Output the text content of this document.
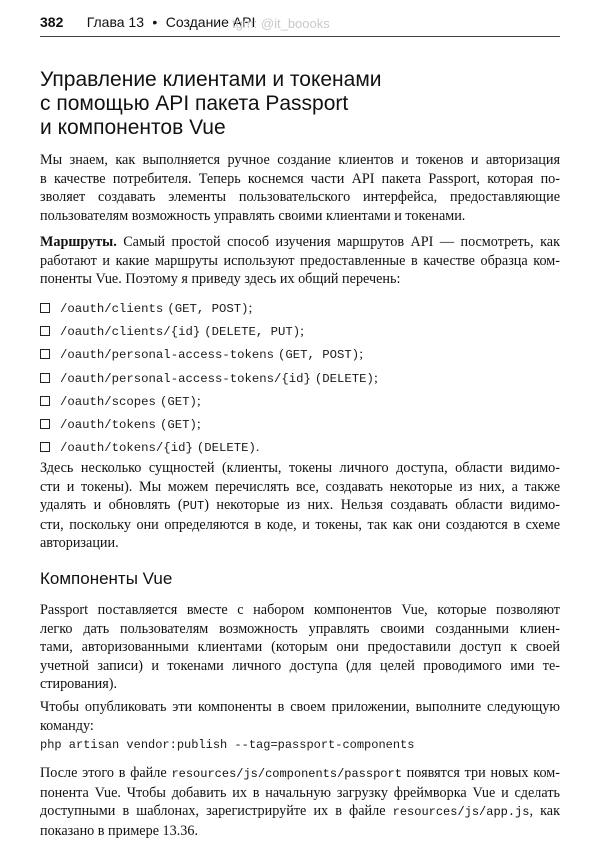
382 Глава 13 • Создание API
tgm: @it_boooks
Управление клиентами и токенами
с помощью API пакета Passport
и компонентов Vue
Мы знаем, как выполняется ручное создание клиентов и токенов и авторизация
в качестве потребителя. Теперь коснемся части API пакета Passport, которая по-
зволяет создавать элементы пользовательского интерфейса, предоставляющие
пользователям возможность управлять своими клиентами и токенами.
Маршруты. Самый простой способ изучения маршрутов API — посмотреть, как
работают и какие маршруты используют предоставленные в качестве образца ком-
поненты Vue. Поэтому я приведу здесь их общий перечень:
/oauth/clients (GET, POST);
/oauth/clients/{id} (DELETE, PUT);
/oauth/personal-access-tokens (GET, POST);
/oauth/personal-access-tokens/{id} (DELETE);
/oauth/scopes (GET);
/oauth/tokens (GET);
/oauth/tokens/{id} (DELETE).
Здесь несколько сущностей (клиенты, токены личного доступа, области видимо-
сти и токены). Мы можем перечислять все, создавать некоторые из них, а также
удалять и обновлять (PUT) некоторые из них. Нельзя создавать области видимо-
сти, поскольку они определяются в коде, и токены, так как они создаются в схеме
авторизации.
Компоненты Vue
Passport поставляется вместе с набором компонентов Vue, которые позволяют
легко дать пользователям возможность управлять своими созданными клиен-
тами, авторизованными клиентами (которым они предоставили доступ к своей
учетной записи) и токенами личного доступа (для целей проводимого ими те-
стирования).
Чтобы опубликовать эти компоненты в своем приложении, выполните следующую
команду:
php artisan vendor:publish --tag=passport-components
После этого в файле resources/js/components/passport появятся три новых ком-
понента Vue. Чтобы добавить их в начальную загрузку фреймворка Vue и сделать
доступными в шаблонах, зарегистрируйте их в файле resources/js/app.js, как
показано в примере 13.36.
